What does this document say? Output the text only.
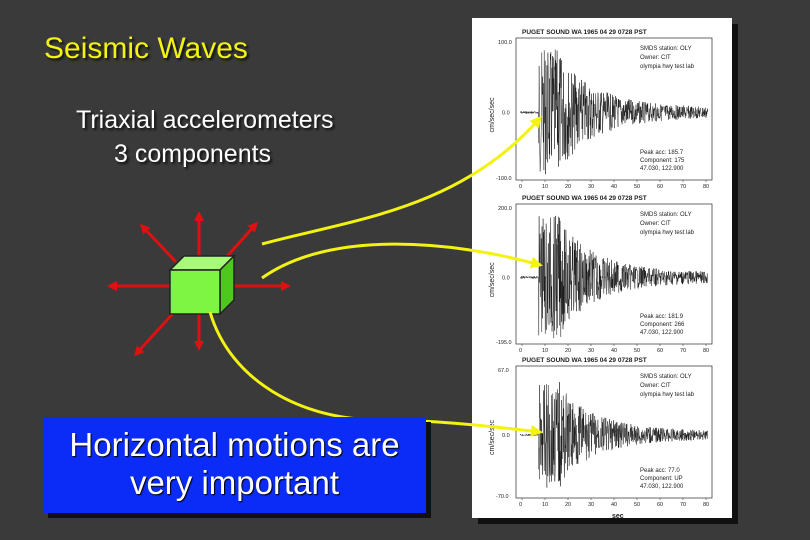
Seismic Waves
Triaxial accelerometers
3 components
PUGET SOUND WA 1965 04 29 0728 PST
100.0
0.0
-100.0
cm/sec/sec
SMDS station: OLY
Owner: CIT
olympia hwy test lab
Peak acc: 185.7
Component: 175
47.030, 122.900
0	10	20	30	40	50	60	70	80
PUGET SOUND WA 1965 04 29 0728 PST
200.0
0.0
-195.0
cm/sec/sec
SMDS station: OLY
Owner: CIT
olympia hwy test lab
Peak acc: 181.9
Component: 266
47.030, 122.900
0	10	20	30	40	50	60	70	80
PUGET SOUND WA 1965 04 29 0728 PST
67.0
0.0
-70.0
cm/sec/sec
SMDS station: OLY
Owner: CIT
olympia hwy test lab
Peak acc: 77.0
Component: UP
47.030, 122.900
0	10	20	30	40	50	60	70	80
sec
Horizontal motions are
very important
